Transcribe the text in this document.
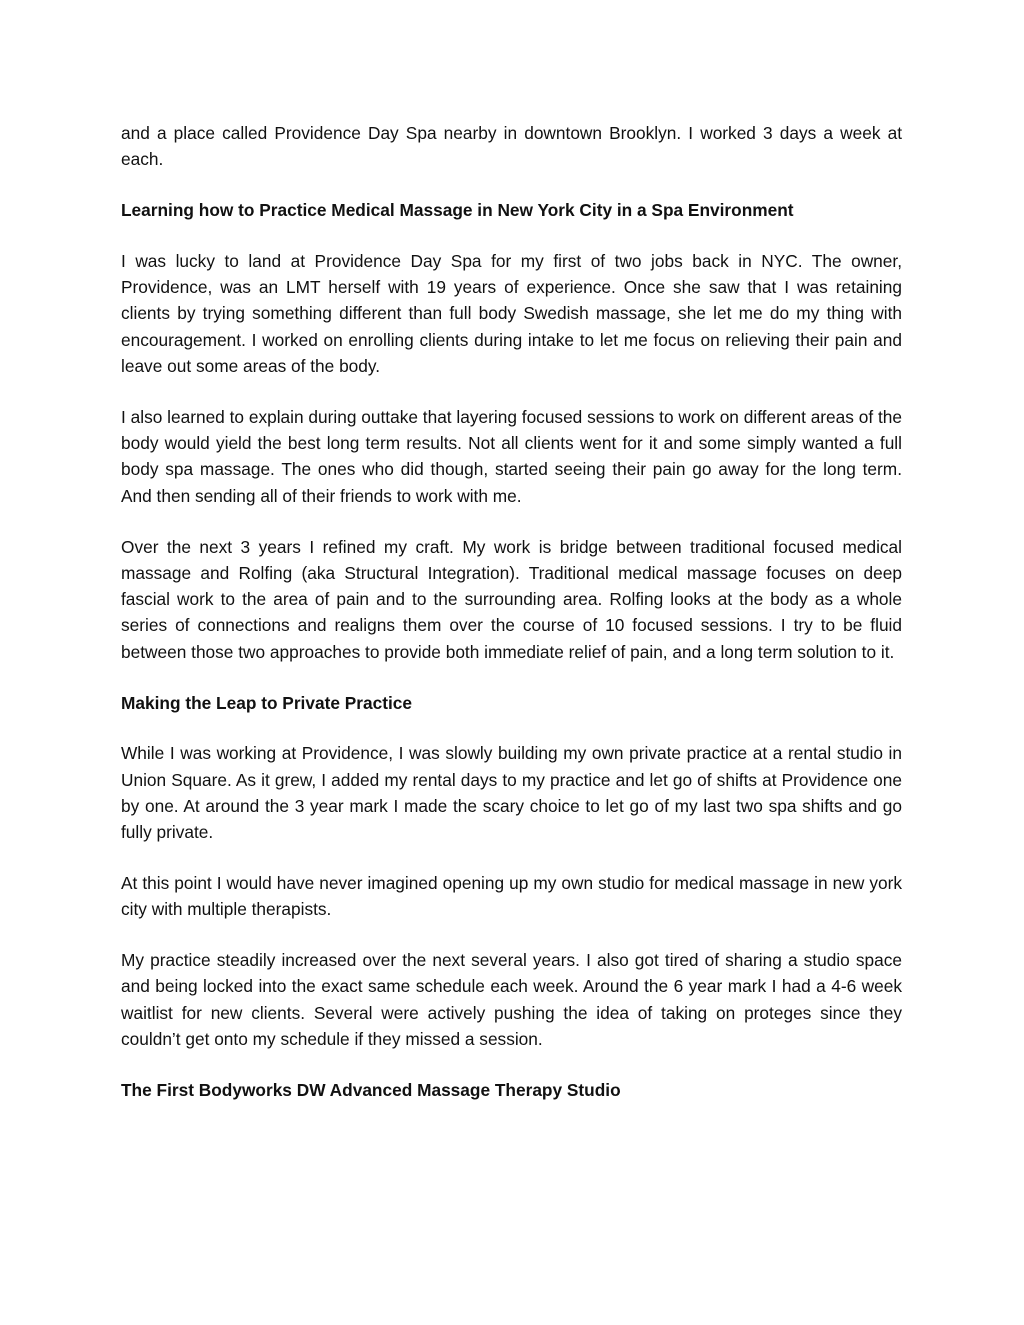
and a place called Providence Day Spa nearby in downtown Brooklyn. I worked 3 days a week at each.

Learning how to Practice Medical Massage in New York City in a Spa Environment

I was lucky to land at Providence Day Spa for my first of two jobs back in NYC. The owner, Providence, was an LMT herself with 19 years of experience. Once she saw that I was retaining clients by trying something different than full body Swedish massage, she let me do my thing with encouragement. I worked on enrolling clients during intake to let me focus on relieving their pain and leave out some areas of the body.

I also learned to explain during outtake that layering focused sessions to work on different areas of the body would yield the best long term results. Not all clients went for it and some simply wanted a full body spa massage. The ones who did though, started seeing their pain go away for the long term. And then sending all of their friends to work with me.

Over the next 3 years I refined my craft. My work is bridge between traditional focused medical massage and Rolfing (aka Structural Integration). Traditional medical massage focuses on deep fascial work to the area of pain and to the surrounding area. Rolfing looks at the body as a whole series of connections and realigns them over the course of 10 focused sessions. I try to be fluid between those two approaches to provide both immediate relief of pain, and a long term solution to it.

Making the Leap to Private Practice

While I was working at Providence, I was slowly building my own private practice at a rental studio in Union Square. As it grew, I added my rental days to my practice and let go of shifts at Providence one by one. At around the 3 year mark I made the scary choice to let go of my last two spa shifts and go fully private.

At this point I would have never imagined opening up my own studio for medical massage in new york city with multiple therapists.

My practice steadily increased over the next several years. I also got tired of sharing a studio space and being locked into the exact same schedule each week. Around the 6 year mark I had a 4-6 week waitlist for new clients. Several were actively pushing the idea of taking on proteges since they couldn’t get onto my schedule if they missed a session.

The First Bodyworks DW Advanced Massage Therapy Studio
